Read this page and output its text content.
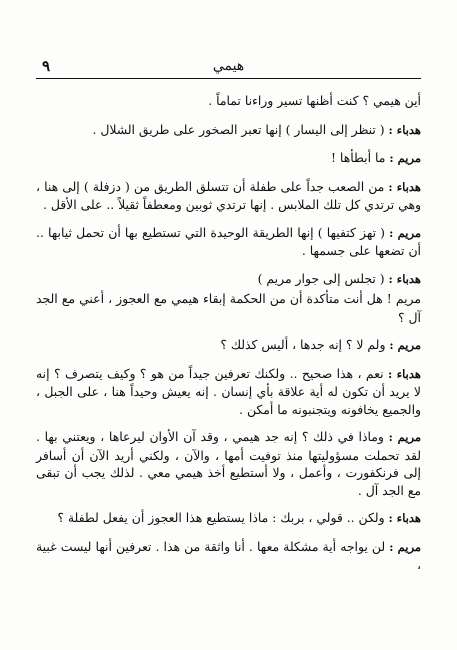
٩	هيمي

أين هيمي ؟ كنت أظنها تسير وراءنا تماماً .

هدباء : ( تنظر إلى اليسار ) إنها تعبر الصخور على طريق الشلال .

مريم : ما أبطأها !

هدباء : من الصعب جداً على طفلة أن تتسلق الطريق من ( دزفلة ) إلى هنا ، وهي ترتدي كل تلك الملابس . إنها ترتدي ثوبين ومعطفاً ثقيلاً .. على الأقل .

مريم : ( تهز كتفيها ) إنها الطريقة الوحيدة التي تستطيع بها أن تحمل ثيابها .. أن تضعها على جسمها .

هدباء : ( تجلس إلى جوار مريم )

مريم ! هل أنت متأكدة أن من الحكمة إبقاء هيمي مع العجوز ، أعني مع الجد آل ؟

مريم : ولم لا ؟ إنه جدها ، أليس كذلك ؟

هدباء : نعم ، هذا صحيح .. ولكنك تعرفين جيداً من هو ؟ وكيف يتصرف ؟ إنه لا يريد أن تكون له أية علاقة بأي إنسان . إنه يعيش وحيداً هنا ، على الجبل ، والجميع يخافونه ويتجنبونه ما أمكن .

مريم : وماذا في ذلك ؟ إنه جد هيمي ، وقد آن الأوان ليرعاها ، ويعتني بها . لقد تحملت مسؤوليتها منذ توفيت أمها ، والآن ، ولكني أريد الآن أن أسافر إلى فرنكفورت ، وأعمل ، ولا أستطيع أخذ هيمي معي . لذلك يجب أن تبقى مع الجد آل .

هدباء : ولكن .. قولي ، بربك : ماذا يستطيع هذا العجوز أن يفعل لطفلة ؟

مريم : لن يواجه أية مشكلة معها . أنا واثقة من هذا . تعرفين أنها ليست غبية ،
